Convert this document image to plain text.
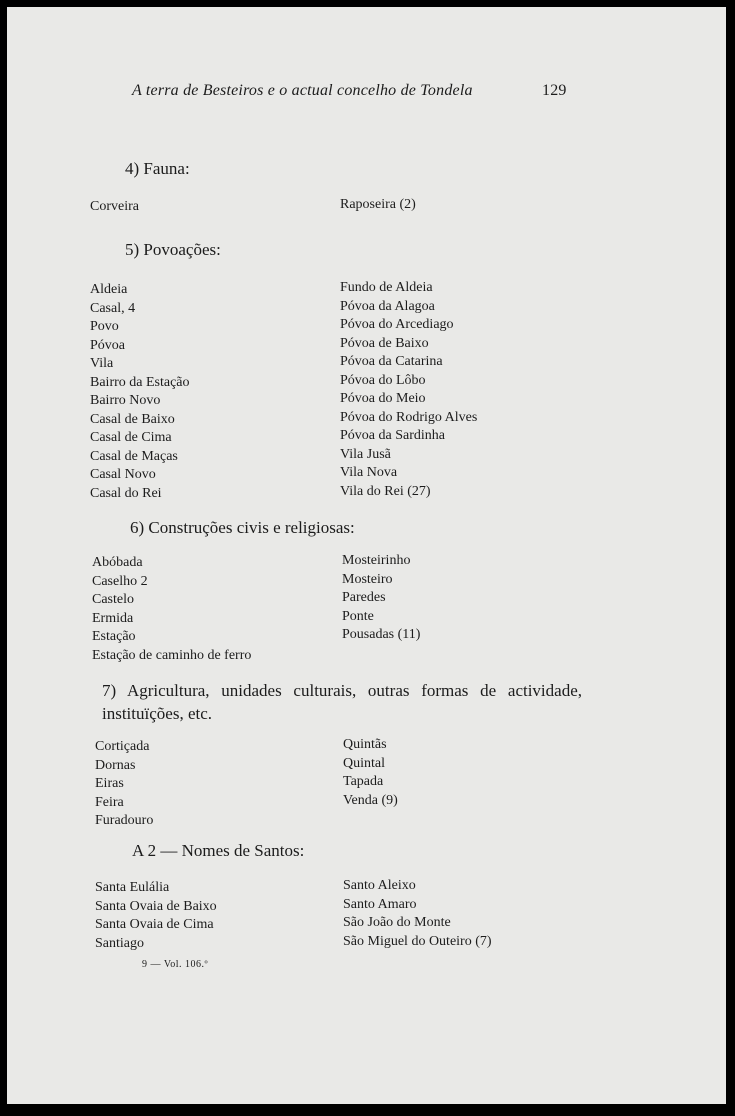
A terra de Besteiros e o actual concelho de Tondela	129
4) Fauna:
Corveira	Raposeira (2)
5) Povoações:
Aldeia
Casal, 4
Povo
Póvoa
Vila
Bairro da Estação
Bairro Novo
Casal de Baixo
Casal de Cima
Casal de Maças
Casal Novo
Casal do Rei
Fundo de Aldeia
Póvoa da Alagoa
Póvoa do Arcediago
Póvoa de Baixo
Póvoa da Catarina
Póvoa do Lôbo
Póvoa do Meio
Póvoa do Rodrigo Alves
Póvoa da Sardinha
Vila Jusã
Vila Nova
Vila do Rei (27)
6) Construções civis e religiosas:
Abóbada
Caselho 2
Castelo
Ermida
Estação
Estação de caminho de ferro
Mosteirinho
Mosteiro
Paredes
Ponte
Pousadas (11)
7) Agricultura, unidades culturais, outras formas de actividade, instituïções, etc.
Cortiçada
Dornas
Eiras
Feira
Furadouro
Quintãs
Quintal
Tapada
Venda (9)
A 2 — Nomes de Santos:
Santa Eulália
Santa Ovaia de Baixo
Santa Ovaia de Cima
Santiago
Santo Aleixo
Santo Amaro
São João do Monte
São Miguel do Outeiro (7)
9 — Vol. 106.º
